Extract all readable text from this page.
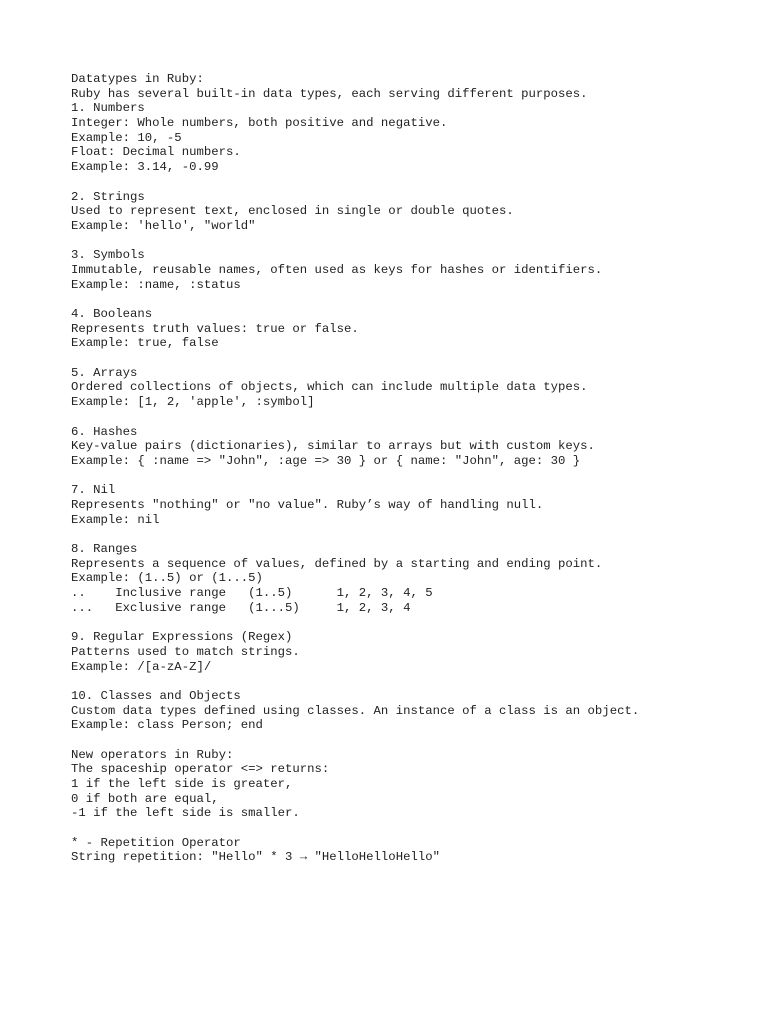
Datatypes in Ruby:
Ruby has several built-in data types, each serving different purposes.
1. Numbers
Integer: Whole numbers, both positive and negative.
Example: 10, -5
Float: Decimal numbers.
Example: 3.14, -0.99
2. Strings
Used to represent text, enclosed in single or double quotes.
Example: 'hello', "world"
3. Symbols
Immutable, reusable names, often used as keys for hashes or identifiers.
Example: :name, :status
4. Booleans
Represents truth values: true or false.
Example: true, false
5. Arrays
Ordered collections of objects, which can include multiple data types.
Example: [1, 2, 'apple', :symbol]
6. Hashes
Key-value pairs (dictionaries), similar to arrays but with custom keys.
Example: { :name => "John", :age => 30 } or { name: "John", age: 30 }
7. Nil
Represents "nothing" or "no value". Ruby’s way of handling null.
Example: nil
8. Ranges
Represents a sequence of values, defined by a starting and ending point.
Example: (1..5) or (1...5)
..    Inclusive range   (1..5)      1, 2, 3, 4, 5
...   Exclusive range   (1...5)     1, 2, 3, 4
9. Regular Expressions (Regex)
Patterns used to match strings.
Example: /[a-zA-Z]/
10. Classes and Objects
Custom data types defined using classes. An instance of a class is an object.
Example: class Person; end
New operators in Ruby:
The spaceship operator <=> returns:
1 if the left side is greater,
0 if both are equal,
-1 if the left side is smaller.
* - Repetition Operator
String repetition: "Hello" * 3 → "HelloHelloHello"
